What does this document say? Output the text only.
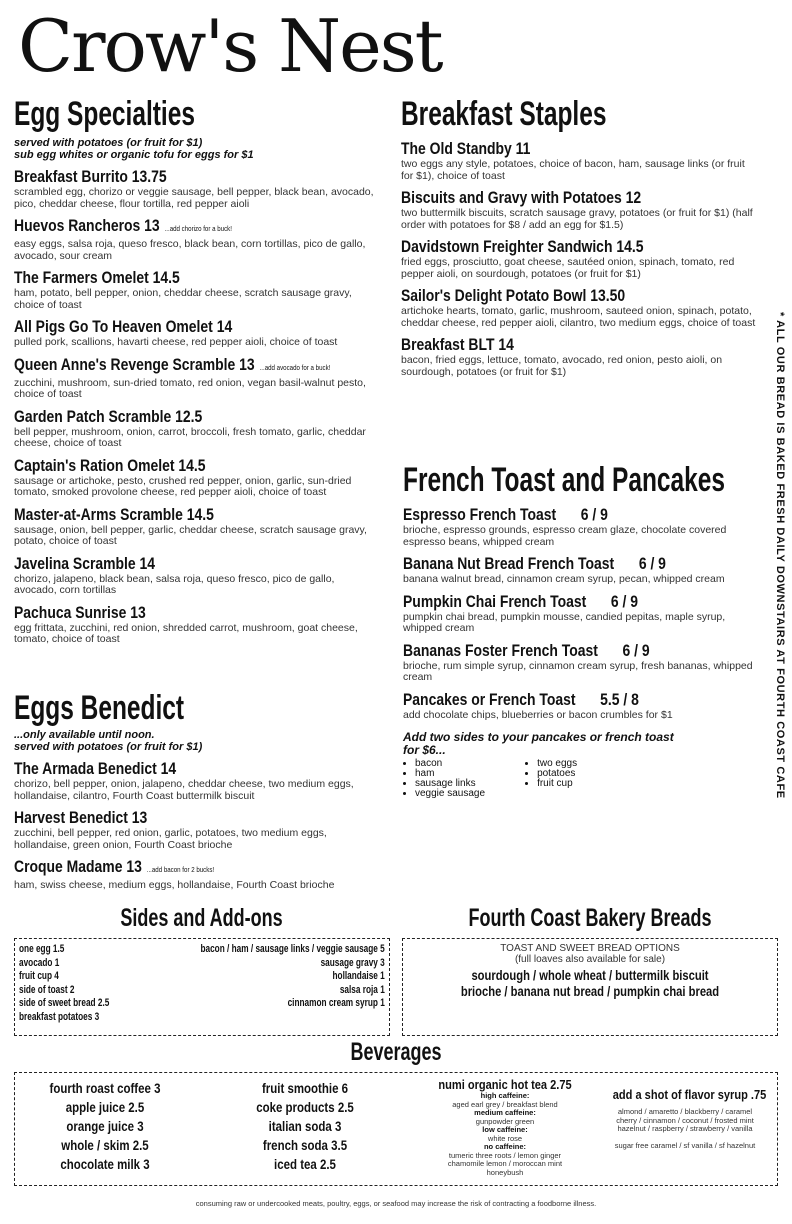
Crow's Nest
Egg Specialties
served with potatoes (or fruit for $1)
sub egg whites or organic tofu for eggs for $1
Breakfast Burrito 13.75
scrambled egg, chorizo or veggie sausage, bell pepper, black bean, avocado, pico, cheddar cheese, flour tortilla, red pepper aioli
Huevos Rancheros 13 ...add chorizo for a buck!
easy eggs, salsa roja, queso fresco, black bean, corn tortillas, pico de gallo, avocado, sour cream
The Farmers Omelet 14.5
ham, potato, bell pepper, onion, cheddar cheese, scratch sausage gravy, choice of toast
All Pigs Go To Heaven Omelet 14
pulled pork, scallions, havarti cheese, red pepper aioli, choice of toast
Queen Anne's Revenge Scramble 13 ...add avocado for a buck!
zucchini, mushroom, sun-dried tomato, red onion, vegan basil-walnut pesto, choice of toast
Garden Patch Scramble 12.5
bell pepper, mushroom, onion, carrot, broccoli, fresh tomato, garlic, cheddar cheese, choice of toast
Captain's Ration Omelet 14.5
sausage or artichoke, pesto, crushed red pepper, onion, garlic, sun-dried tomato, smoked provolone cheese, red pepper aioli, choice of toast
Master-at-Arms Scramble 14.5
sausage, onion, bell pepper, garlic, cheddar cheese, scratch sausage gravy, potato, choice of toast
Javelina Scramble 14
chorizo, jalapeno, black bean, salsa roja, queso fresco, pico de gallo, avocado, corn tortillas
Pachuca Sunrise 13
egg frittata, zucchini, red onion, shredded carrot, mushroom, goat cheese, tomato, choice of toast
Eggs Benedict
...only available until noon.
served with potatoes (or fruit for $1)
The Armada Benedict 14
chorizo, bell pepper, onion, jalapeno, cheddar cheese, two medium eggs, hollandaise, cilantro, Fourth Coast buttermilk biscuit
Harvest Benedict 13
zucchini, bell pepper, red onion, garlic, potatoes, two medium eggs, hollandaise, green onion, Fourth Coast brioche
Croque Madame 13 ...add bacon for 2 bucks!
ham, swiss cheese, medium eggs, hollandaise, Fourth Coast brioche
Breakfast Staples
The Old Standby 11
two eggs any style, potatoes, choice of bacon, ham, sausage links (or fruit for $1), choice of toast
Biscuits and Gravy with Potatoes 12
two buttermilk biscuits, scratch sausage gravy, potatoes (or fruit for $1) (half order with potatoes for $8 / add an egg for $1.5)
Davidstown Freighter Sandwich 14.5
fried eggs, prosciutto, goat cheese, sautéed onion, spinach, tomato, red pepper aioli, on sourdough, potatoes (or fruit for $1)
Sailor's Delight Potato Bowl 13.50
artichoke hearts, tomato, garlic, mushroom, sauteed onion, spinach, potato, cheddar cheese, red pepper aioli, cilantro, two medium eggs, choice of toast
Breakfast BLT 14
bacon, fried eggs, lettuce, tomato, avocado, red onion, pesto aioli, on sourdough, potatoes (or fruit for $1)
French Toast and Pancakes
Espresso French Toast 6 / 9
brioche, espresso grounds, espresso cream glaze, chocolate covered espresso beans, whipped cream
Banana Nut Bread French Toast 6 / 9
banana walnut bread, cinnamon cream syrup, pecan, whipped cream
Pumpkin Chai French Toast 6 / 9
pumpkin chai bread, pumpkin mousse, candied pepitas, maple syrup, whipped cream
Bananas Foster French Toast 6 / 9
brioche, rum simple syrup, cinnamon cream syrup, fresh bananas, whipped cream
Pancakes or French Toast 5.5 / 8
add chocolate chips, blueberries or bacon crumbles for $1
Add two sides to your pancakes or french toast for $6...
• bacon
• ham
• sausage links
• veggie sausage
• two eggs
• potatoes
• fruit cup	* ALL OUR BREAD IS BAKED FRESH DAILY DOWNSTAIRS AT FOURTH COAST CAFE
Sides and Add-ons
one egg 1.5
avocado 1
fruit cup 4
side of toast 2
side of sweet bread 2.5
breakfast potatoes 3
bacon / ham / sausage links / veggie sausage 5
sausage gravy 3
hollandaise 1
salsa roja 1
cinnamon cream syrup 1
Fourth Coast Bakery Breads
TOAST AND SWEET BREAD OPTIONS
(full loaves also available for sale)
sourdough / whole wheat / buttermilk biscuit
brioche / banana nut bread / pumpkin chai bread
Beverages
fourth roast coffee 3
apple juice 2.5
orange juice 3
whole / skim 2.5
chocolate milk 3
fruit smoothie 6
coke products 2.5
italian soda 3
french soda 3.5
iced tea 2.5
numi organic hot tea 2.75
high caffeine:
aged earl grey / breakfast blend
medium caffeine:
gunpowder green
low caffeine:
white rose
no caffeine:
tumeric three roots / lemon ginger
chamomile lemon / moroccan mint
honeybush
add a shot of flavor syrup .75
almond / amaretto / blackberry / caramel
cherry / cinnamon / coconut / frosted mint
hazelnut / raspberry / strawberry / vanilla
sugar free caramel / sf vanilla / sf hazelnut
consuming raw or undercooked meats, poultry, eggs, or seafood may increase the risk of contracting a foodborne illness.
